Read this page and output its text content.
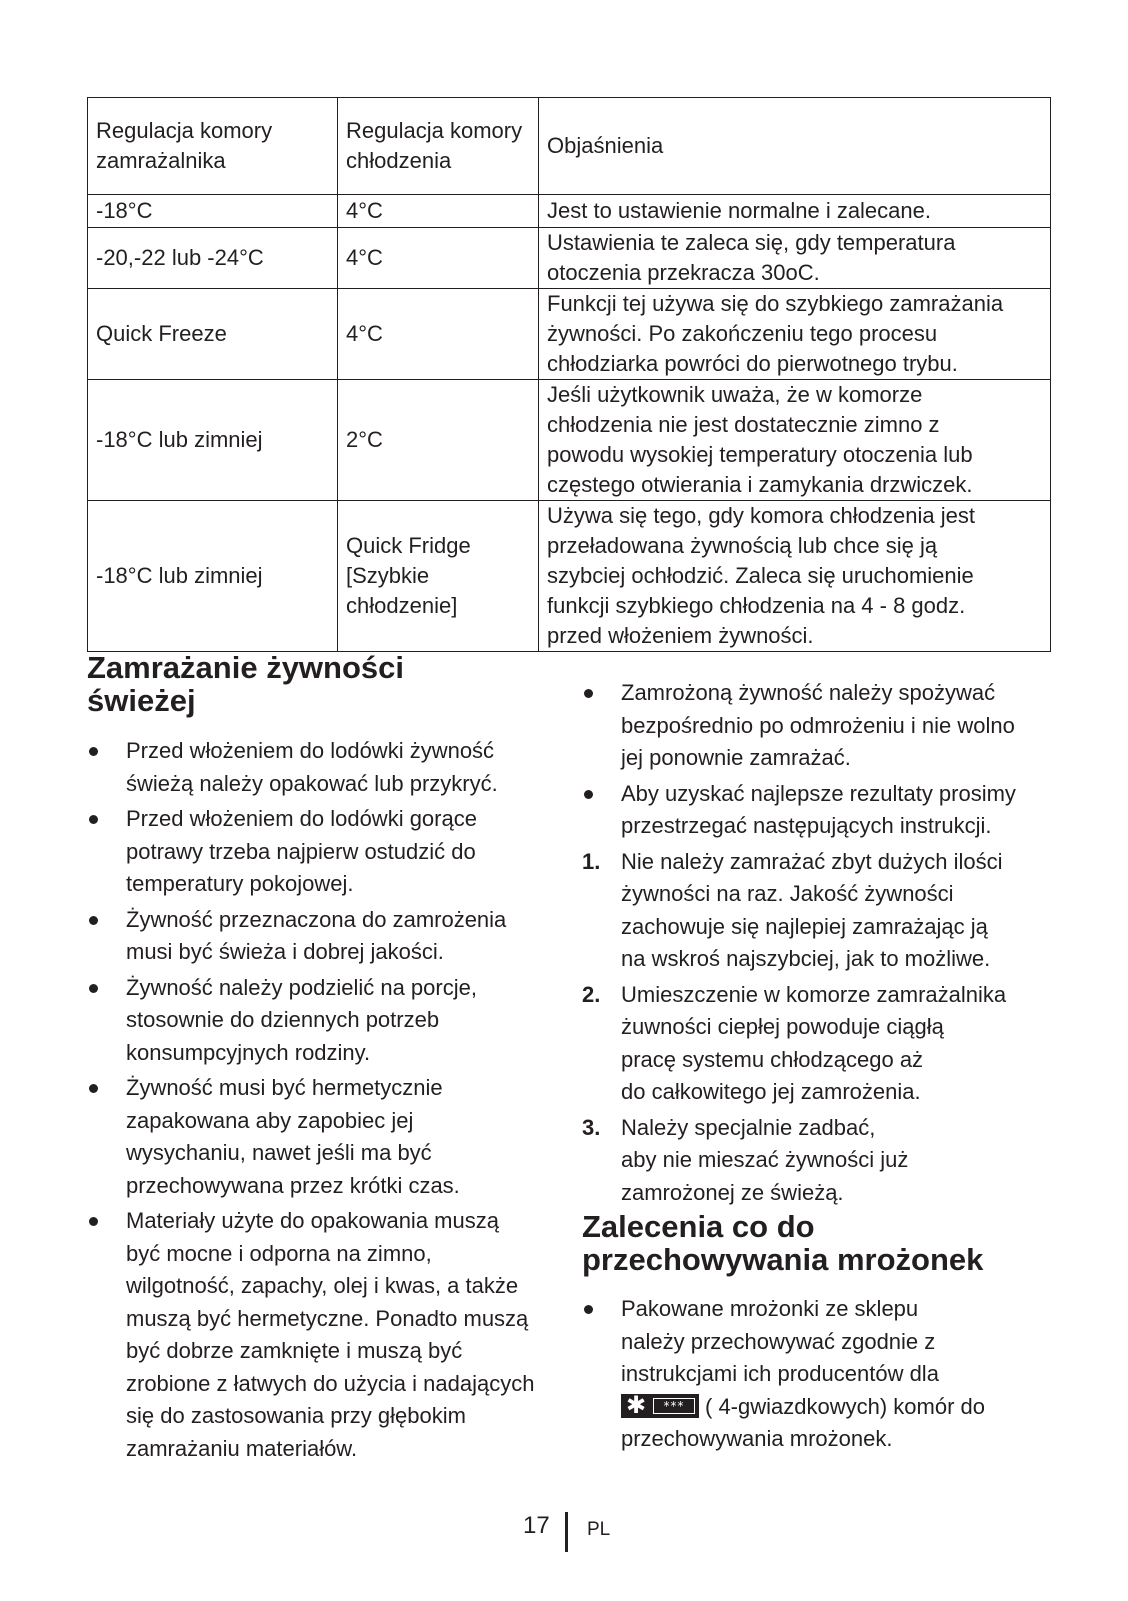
Regulacja komory
zamrażalnika	Regulacja komory
chłodzenia	Objaśnienia

-18°C	4°C	Jest to ustawienie normalne i zalecane.

-20,-22 lub -24°C	4°C	Ustawienia te zaleca się, gdy temperatura
otoczenia przekracza 30oC.

Quick Freeze	4°C	Funkcji tej używa się do szybkiego zamrażania
żywności. Po zakończeniu tego procesu
chłodziarka powróci do pierwotnego trybu.

-18°C lub zimniej	2°C	Jeśli użytkownik uważa, że w komorze
chłodzenia nie jest dostatecznie zimno z
powodu wysokiej temperatury otoczenia lub
częstego otwierania i zamykania drzwiczek.

-18°C lub zimniej	Quick Fridge
[Szybkie
chłodzenie]	Używa się tego, gdy komora chłodzenia jest
przeładowana żywnością lub chce się ją
szybciej ochłodzić. Zaleca się uruchomienie
funkcji szybkiego chłodzenia na 4 - 8 godz.
przed włożeniem żywności.
Zamrażanie żywności
świeżej
Przed włożeniem do lodówki żywność
świeżą należy opakować lub przykryć.
Przed włożeniem do lodówki gorące
potrawy trzeba najpierw ostudzić do
temperatury pokojowej.
Żywność przeznaczona do zamrożenia
musi być świeża i dobrej jakości.
Żywność należy podzielić na porcje,
stosownie do dziennych potrzeb
konsumpcyjnych rodziny.
Żywność musi być hermetycznie
zapakowana aby zapobiec jej
wysychaniu, nawet jeśli ma być
przechowywana przez krótki czas.
Materiały użyte do opakowania muszą
być mocne i odporna na zimno,
wilgotność, zapachy, olej i kwas, a także
muszą być hermetyczne. Ponadto muszą
być dobrze zamknięte i muszą być
zrobione z łatwych do użycia i nadających
się do zastosowania przy głębokim
zamrażaniu materiałów.
Zamrożoną żywność należy spożywać
bezpośrednio po odmrożeniu i nie wolno
jej ponownie zamrażać.
Aby uzyskać najlepsze rezultaty prosimy
przestrzegać następujących instrukcji.
1. Nie należy zamrażać zbyt dużych ilości
żywności na raz. Jakość żywności
zachowuje się najlepiej zamrażając ją
na wskroś najszybciej, jak to możliwe.
2. Umieszczenie w komorze zamrażalnika
żuwności ciepłej powoduje ciągłą
pracę systemu chłodzącego aż
do całkowitego jej zamrożenia.
3. Należy specjalnie zadbać,
aby nie mieszać żywności już
zamrożonej ze świeżą.
Zalecenia co do
przechowywania mrożonek
Pakowane mrożonki ze sklepu
należy przechowywać zgodnie z
instrukcjami ich producentów dla
✱	*** ( 4-gwiazdkowych) komór do
przechowywania mrożonek.
17 PL
